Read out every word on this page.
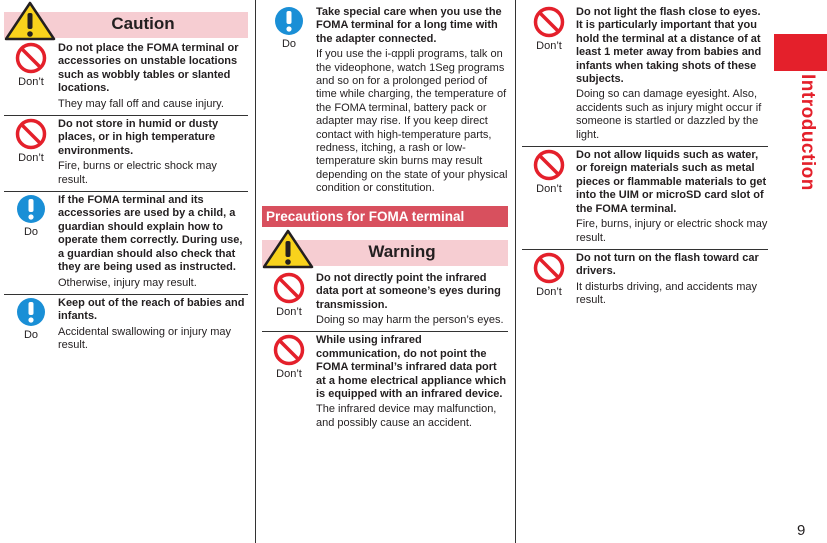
Caution
Don’t
Do not place the FOMA terminal or accessories on unstable locations such as wobbly tables or slanted locations.
They may fall off and cause injury.
Don’t
Do not store in humid or dusty places, or in high temperature environments.
Fire, burns or electric shock may result.
Do
If the FOMA terminal and its accessories are used by a child, a guardian should explain how to operate them correctly. During use, a guardian should also check that they are being used as instructed.
Otherwise, injury may result.
Do
Keep out of the reach of babies and infants.
Accidental swallowing or injury may result.
Do
Take special care when you use the FOMA terminal for a long time with the adapter connected.
If you use the i-αppli programs, talk on the videophone, watch 1Seg programs and so on for a prolonged period of time while charging, the temperature of the FOMA terminal, battery pack or adapter may rise. If you keep direct contact with high-temperature parts, redness, itching, a rash or low-temperature skin burns may result depending on the state of your physical condition or constitution.
Precautions for FOMA terminal
Warning
Don’t
Do not directly point the infrared data port at someone’s eyes during transmission.
Doing so may harm the person’s eyes.
Don’t
While using infrared communication, do not point the FOMA terminal’s infrared data port at a home electrical appliance which is equipped with an infrared device.
The infrared device may malfunction, and possibly cause an accident.
Don’t
Do not light the flash close to eyes. It is particularly important that you hold the terminal at a distance of at least 1 meter away from babies and infants when taking shots of these subjects.
Doing so can damage eyesight. Also, accidents such as injury might occur if someone is startled or dazzled by the light.
Don’t
Do not allow liquids such as water, or foreign materials such as metal pieces or flammable materials to get into the UIM or microSD card slot of the FOMA terminal.
Fire, burns, injury or electric shock may result.
Don’t
Do not turn on the flash toward car drivers.
It disturbs driving, and accidents may result.
Introduction
9
